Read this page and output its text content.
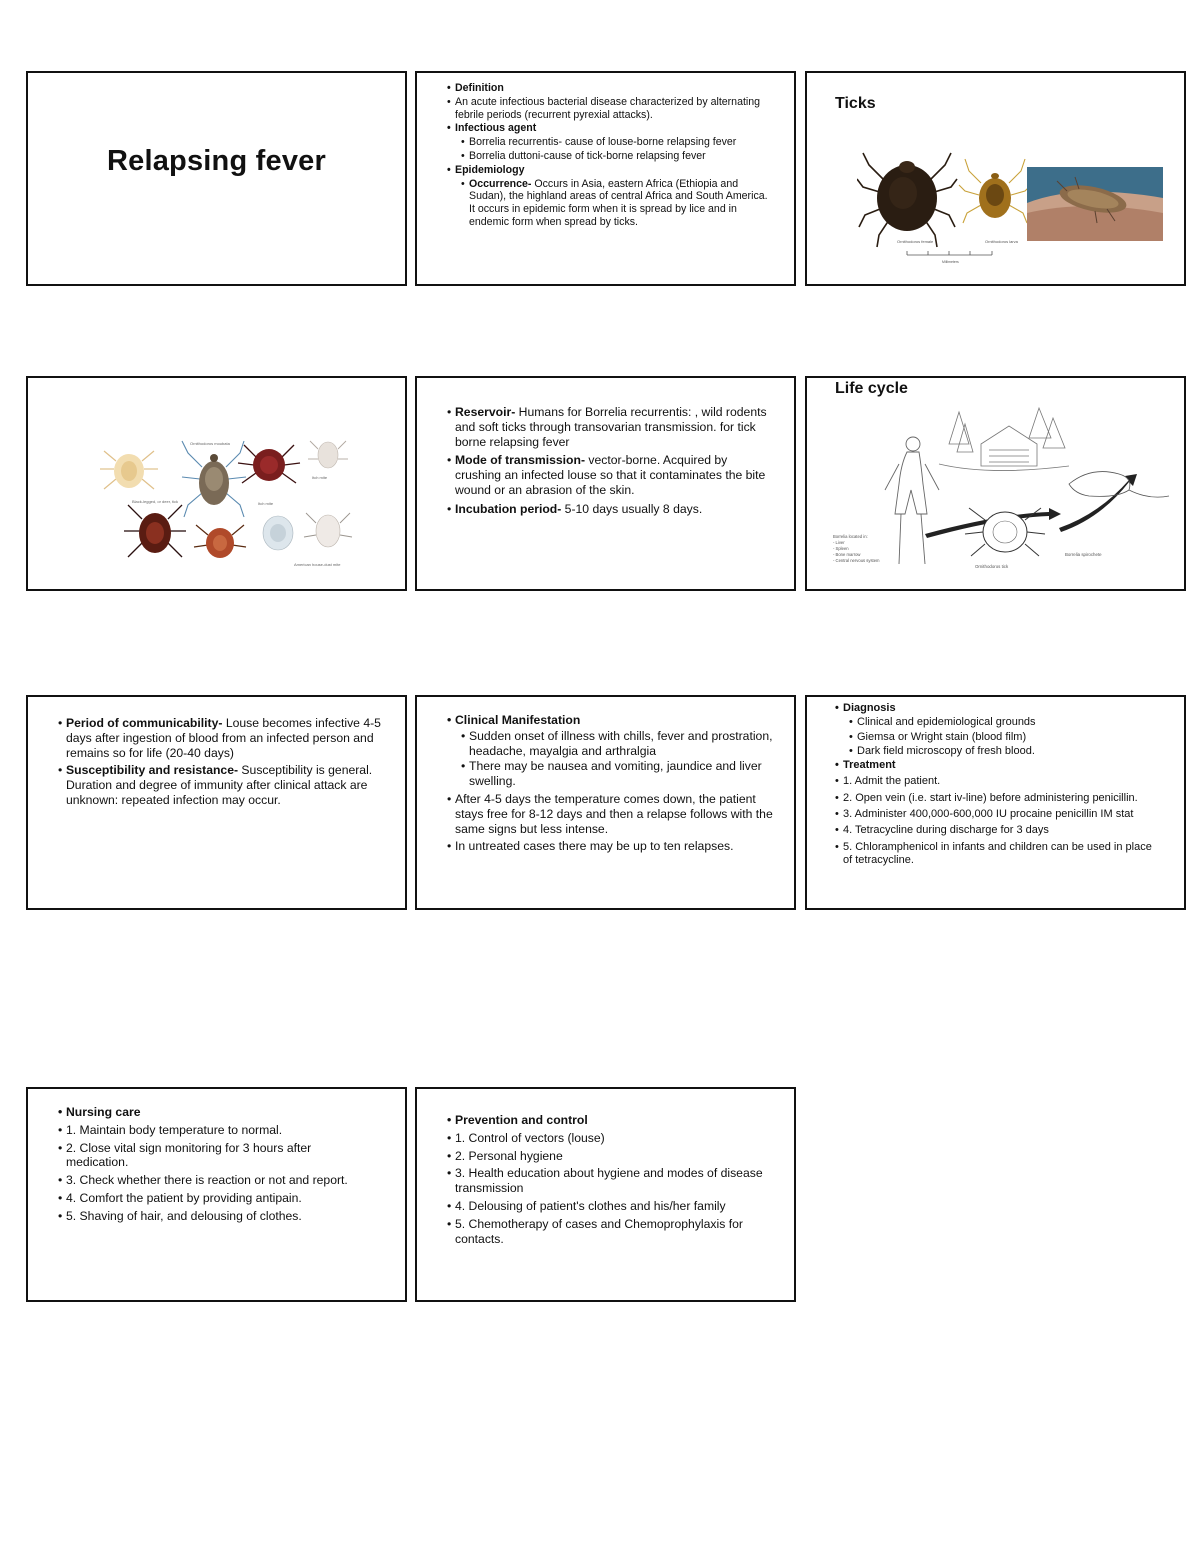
Relapsing fever
• Definition
• An acute infectious bacterial disease characterized by alternating febrile periods (recurrent pyrexial attacks).
• Infectious agent
• Borrelia recurrentis- cause of louse-borne relapsing fever
• Borrelia duttoni-cause of tick-borne relapsing fever
• Epidemiology
• Occurrence- Occurs in Asia, eastern Africa (Ethiopia and Sudan), the highland areas of central Africa and South America. It occurs in epidemic form when it is spread by lice and in endemic form when spread by ticks.
Ticks
Ornithodoros female	Ornithodoros larva
Millimeters
Ornithodoros moubata
Black-legged, or deer, tick	Itch mite
Itch mite
American house-dust mite
• Reservoir- Humans for Borrelia recurrentis: , wild rodents and soft ticks through transovarian transmission. for tick borne relapsing fever
• Mode of transmission- vector-borne. Acquired by crushing an infected louse so that it contaminates the bite wound or an abrasion of the skin.
• Incubation period- 5-10 days usually 8 days.
Life cycle
Borrelia located in:
- Liver
- Spleen
- Bone marrow
- Central nervous system
Ornithodoros tick
Borrelia spirochete
• Period of communicability- Louse becomes infective 4-5 days after ingestion of blood from an infected person and remains so for life (20-40 days)
• Susceptibility and resistance- Susceptibility is general. Duration and degree of immunity after clinical attack are unknown: repeated infection may occur.
• Clinical Manifestation
• Sudden onset of illness with chills, fever and prostration, headache, mayalgia and arthralgia
• There may be nausea and vomiting, jaundice and liver swelling.
• After 4-5 days the temperature comes down, the patient stays free for 8-12 days and then a relapse follows with the same signs but less intense.
• In untreated cases there may be up to ten relapses.
• Diagnosis
• Clinical and epidemiological grounds
• Giemsa or Wright stain (blood film)
• Dark field microscopy of fresh blood.
• Treatment
• 1. Admit the patient.
• 2. Open vein (i.e. start iv-line) before administering penicillin.
• 3. Administer 400,000-600,000 IU procaine penicillin IM stat
• 4. Tetracycline during discharge for 3 days
• 5. Chloramphenicol in infants and children can be used in place of tetracycline.
• Nursing care
• 1. Maintain body temperature to normal.
• 2. Close vital sign monitoring for 3 hours after medication.
• 3. Check whether there is reaction or not and report.
• 4. Comfort the patient by providing antipain.
• 5. Shaving of hair, and delousing of clothes.
• Prevention and control
• 1. Control of vectors (louse)
• 2. Personal hygiene
• 3. Health education about hygiene and modes of disease transmission
• 4. Delousing of patient's clothes and his/her family
• 5. Chemotherapy of cases and Chemoprophylaxis for contacts.
